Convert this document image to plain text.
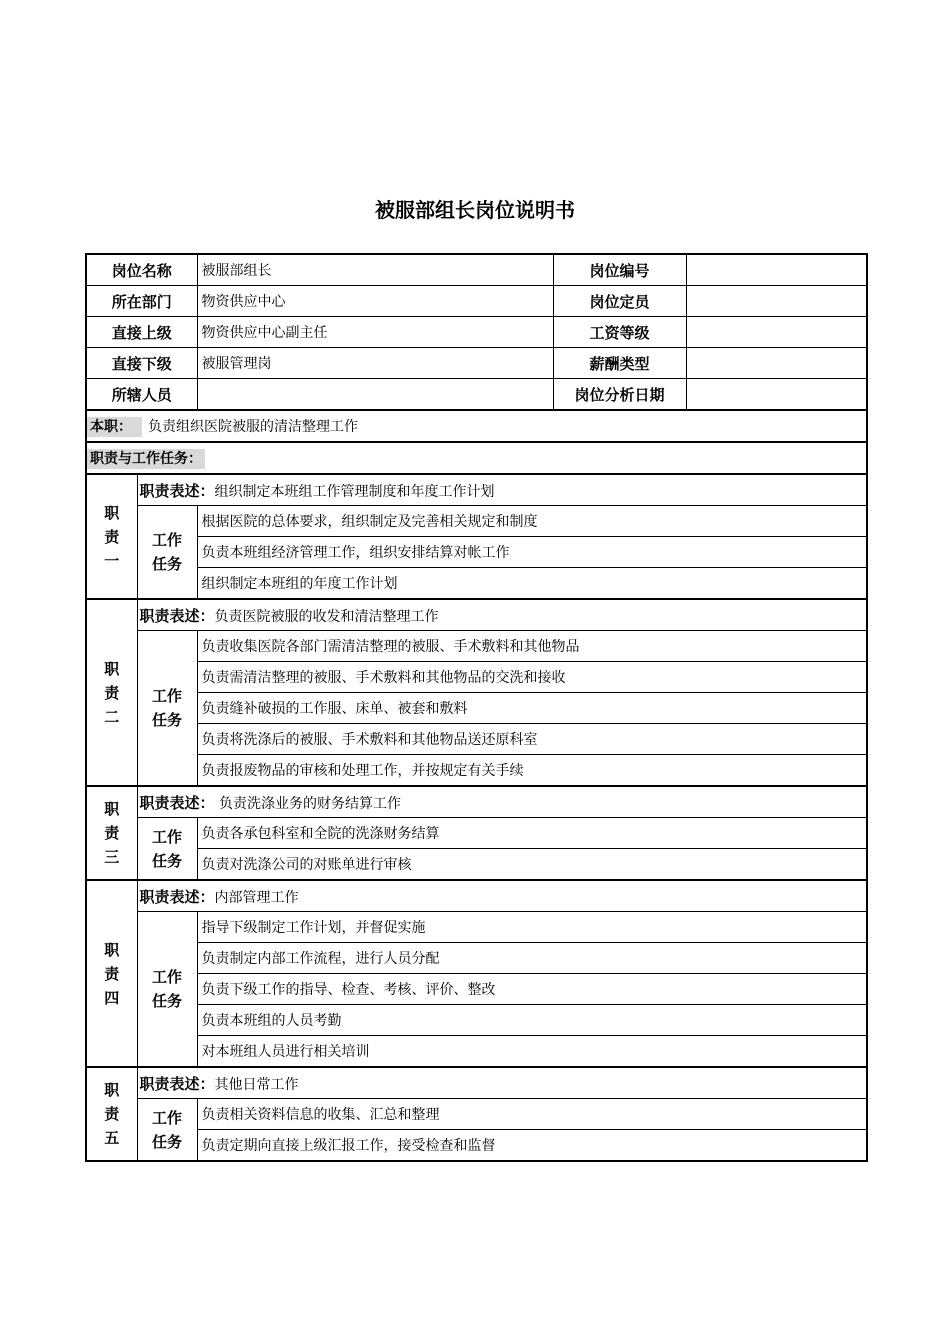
被服部组长岗位说明书
岗位名称		被服部组长	岗位编号	
所在部门		物资供应中心	岗位定员	
直接上级		物资供应中心副主任	工资等级	
直接下级		被服管理岗	薪酬类型	
所辖人员			岗位分析日期	
本职： 负责组织医院被服的清洁整理工作				
职责与工作任务：				

职责一	职责表述：组织制定本班组工作管理制度和年度工作计划			

	工作任务	根据医院的总体要求，组织制定及完善相关规定和制度		
		负责本班组经济管理工作，组织安排结算对帐工作		
		组织制定本班组的年度工作计划		

职责二	职责表述：负责医院被服的收发和清洁整理工作			

	工作任务	负责收集医院各部门需清洁整理的被服、手术敷料和其他物品		
		负责需清洁整理的被服、手术敷料和其他物品的交洗和接收		
		负责缝补破损的工作服、床单、被套和敷料		
		负责将洗涤后的被服、手术敷料和其他物品送还原科室		
		负责报废物品的审核和处理工作，并按规定有关手续		

职责三	职责表述： 负责洗涤业务的财务结算工作			

	工作任务	负责各承包科室和全院的洗涤财务结算		
		负责对洗涤公司的对账单进行审核		

职责四	职责表述：内部管理工作			

	工作任务	指导下级制定工作计划，并督促实施		
		负责制定内部工作流程，进行人员分配		
		负责下级工作的指导、检查、考核、评价、整改		
		负责本班组的人员考勤		
		对本班组人员进行相关培训		

职责五	职责表述：其他日常工作			

	工作任务	负责相关资料信息的收集、汇总和整理		
		负责定期向直接上级汇报工作，接受检查和监督		
